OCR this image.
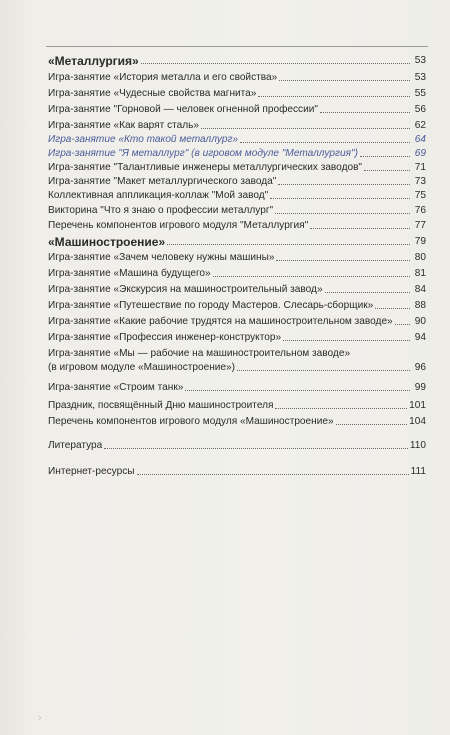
«Металлургия»	53
Игра-занятие «История металла и его свойства»	53
Игра-занятие «Чудесные свойства магнита»	55
Игра-занятие "Горновой — человек огненной профессии"	56
Игра-занятие «Как варят сталь»	62
Игра-занятие «Кто такой металлург»	64
Игра-занятие "Я металлург" (в игровом модуле "Металлургия")	69
Игра-занятие "Талантливые инженеры металлургических заводов"	71
Игра-занятие "Макет металлургического завода"	73
Коллективная аппликация-коллаж "Мой завод"	75
Викторина "Что я знаю о профессии металлург"	76
Перечень компонентов игрового модуля "Металлургия"	77
«Машиностроение»	79
Игра-занятие «Зачем человеку нужны машины»	80
Игра-занятие «Машина будущего»	81
Игра-занятие «Экскурсия на машиностроительный завод»	84
Игра-занятие «Путешествие по городу Мастеров. Слесарь-сборщик»	88
Игра-занятие «Какие рабочие трудятся на машиностроительном заводе» 90
Игра-занятие «Профессия инженер-конструктор»	94
Игра-занятие «Мы — рабочие на машиностроительном заводе»
(в игровом модуле «Машиностроение»)	96
Игра-занятие «Строим танк»	99
Праздник, посвящённый Дню машиностроителя	101
Перечень компонентов игрового модуля «Машиностроение»	104
Литература	110
Интернет-ресурсы	111
›
